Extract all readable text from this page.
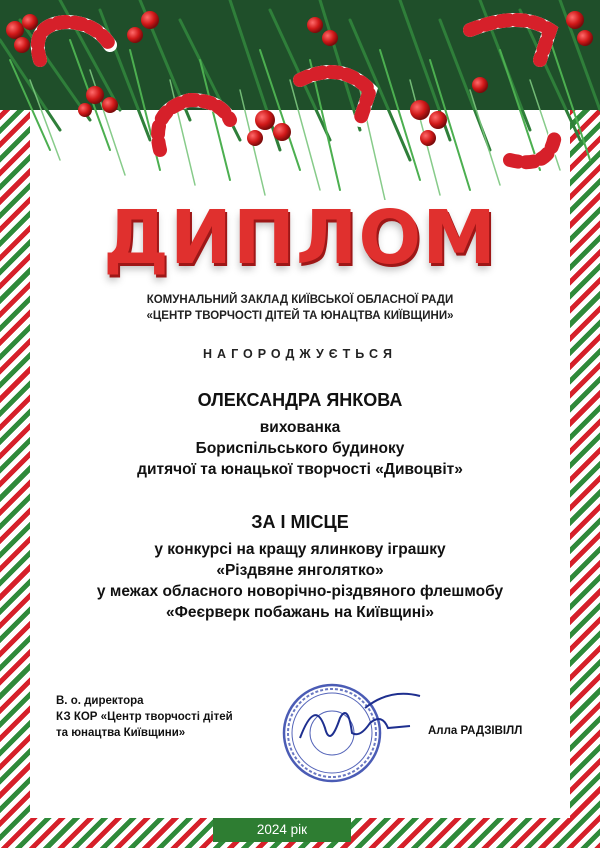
ДИПЛОМ
КОМУНАЛЬНИЙ ЗАКЛАД КИЇВСЬКОЇ ОБЛАСНОЇ РАДИ
«ЦЕНТР ТВОРЧОСТІ ДІТЕЙ ТА ЮНАЦТВА КИЇВЩИНИ»
НАГОРОДЖУЄТЬСЯ
ОЛЕКСАНДРА ЯНКОВА
вихованка
Бориспільського будиноку
дитячої та юнацької творчості «Дивоцвіт»
ЗА І МІСЦЕ
у конкурсі на кращу ялинкову іграшку
«Різдвяне янголятко»
у межах обласного новорічно-різдвяного флешмобу
«Феєрверк побажань на Київщині»
В. о. директора
КЗ КОР «Центр творчості дітей
та юнацтва Київщини»	Алла РАДЗІВІЛЛ
2024 рік
